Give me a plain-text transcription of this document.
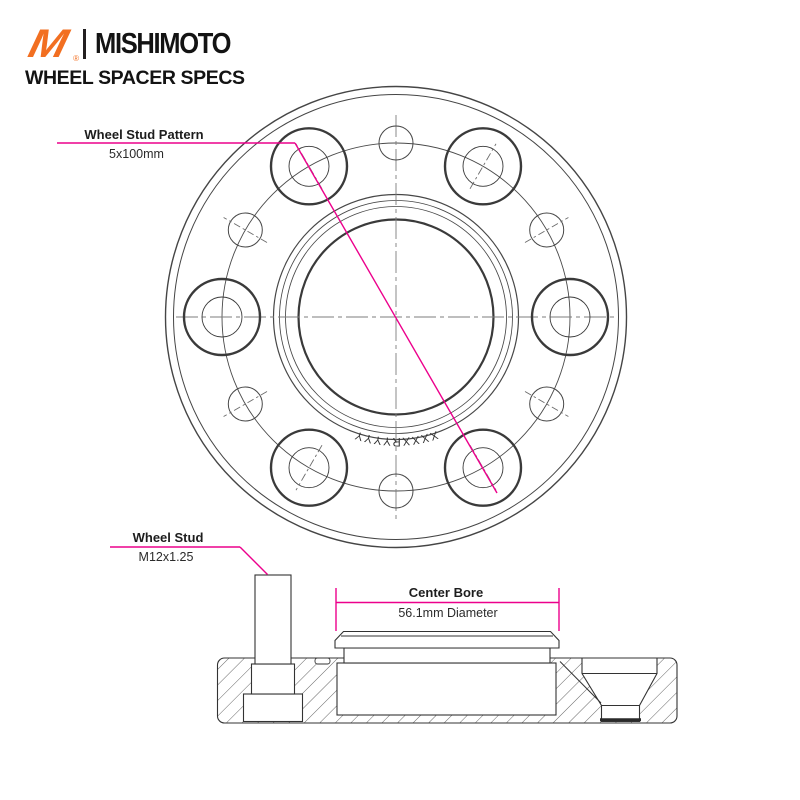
XXXXRYYYY
M ® MISHIMOTO
WHEEL SPACER SPECS
Wheel Stud Pattern
5x100mm
Wheel Stud
M12x1.25
Center Bore
56.1mm Diameter
